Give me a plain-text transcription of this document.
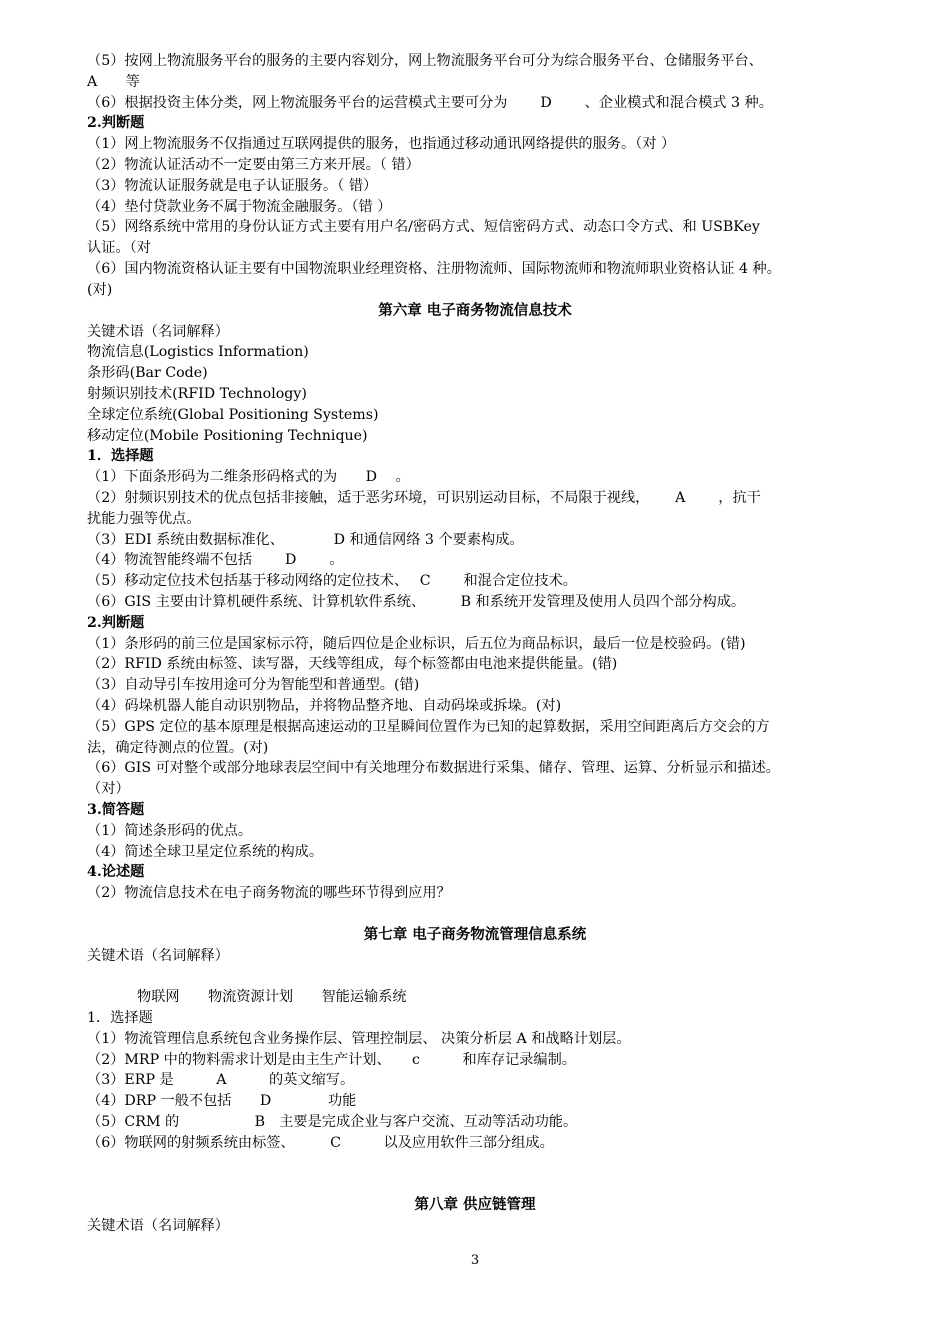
（5）按网上物流服务平台的服务的主要内容划分，网上物流服务平台可分为综合服务平台、仓储服务平台、
A　　等
（6）根据投资主体分类，网上物流服务平台的运营模式主要可分为　　 D　　 、企业模式和混合模式 3 种。
2.判断题
（1）网上物流服务不仅指通过互联网提供的服务，也指通过移动通讯网络提供的服务。（对 ）
（2）物流认证活动不一定要由第三方来开展。（ 错）
（3）物流认证服务就是电子认证服务。（ 错）
（4）垫付贷款业务不属于物流金融服务。（错 ）
（5）网络系统中常用的身份认证方式主要有用户名/密码方式、短信密码方式、动态口令方式、和 USBKey
认证。（对
（6）国内物流资格认证主要有中国物流职业经理资格、注册物流师、国际物流师和物流师职业资格认证 4 种。
(对)
第六章 电子商务物流信息技术
关键术语（名词解释）
物流信息(Logistics Information)
条形码(Bar Code)
射频识别技术(RFID Technology)
全球定位系统(Global Positioning Systems)
移动定位(Mobile Positioning Technique)
1．选择题
（1）下面条形码为二维条形码格式的为　　D　 。
（2）射频识别技术的优点包括非接触，适于恶劣环境，可识别运动目标，不局限于视线，　　 A　　 ，抗干
扰能力强等优点。
（3）EDI 系统由数据标准化、　　　　D 和通信网络 3 个要素构成。
（4）物流智能终端不包括　　 D　　 。
（5）移动定位技术包括基于移动网络的定位技术、　 C　　 和混合定位技术。
（6）GIS 主要由计算机硬件系统、计算机软件系统、　　　B 和系统开发管理及使用人员四个部分构成。
2.判断题
（1）条形码的前三位是国家标示符，随后四位是企业标识，后五位为商品标识，最后一位是校验码。(错)
（2）RFID 系统由标签、读写器，天线等组成，每个标签都由电池来提供能量。(错)
（3）自动导引车按用途可分为智能型和普通型。(错)
（4）码垛机器人能自动识别物品，并将物品整齐地、自动码垛或拆垛。(对)
（5）GPS 定位的基本原理是根据高速运动的卫星瞬间位置作为已知的起算数据，采用空间距离后方交会的方
法，确定待测点的位置。(对)
（6）GIS 可对整个或部分地球表层空间中有关地理分布数据进行采集、储存、管理、运算、分析显示和描述。
（对）
3.简答题
（1）简述条形码的优点。
（4）简述全球卫星定位系统的构成。
4.论述题
（2）物流信息技术在电子商务物流的哪些环节得到应用？
第七章 电子商务物流管理信息系统
关键术语（名词解释）
物联网　　物流资源计划　　智能运输系统
1．选择题
（1）物流管理信息系统包含业务操作层、管理控制层、 决策分析层 A 和战略计划层。
（2）MRP 中的物料需求计划是由主生产计划、　　c　　　和库存记录编制。
（3）ERP 是　　　A　　　的英文缩写。
（4）DRP 一般不包括　　D　　　　功能
（5）CRM 的　　　　　 B　主要是完成企业与客户交流、互动等活动功能。
（6）物联网的射频系统由标签、　　　C　　　以及应用软件三部分组成。
第八章 供应链管理
关键术语（名词解释）
3
